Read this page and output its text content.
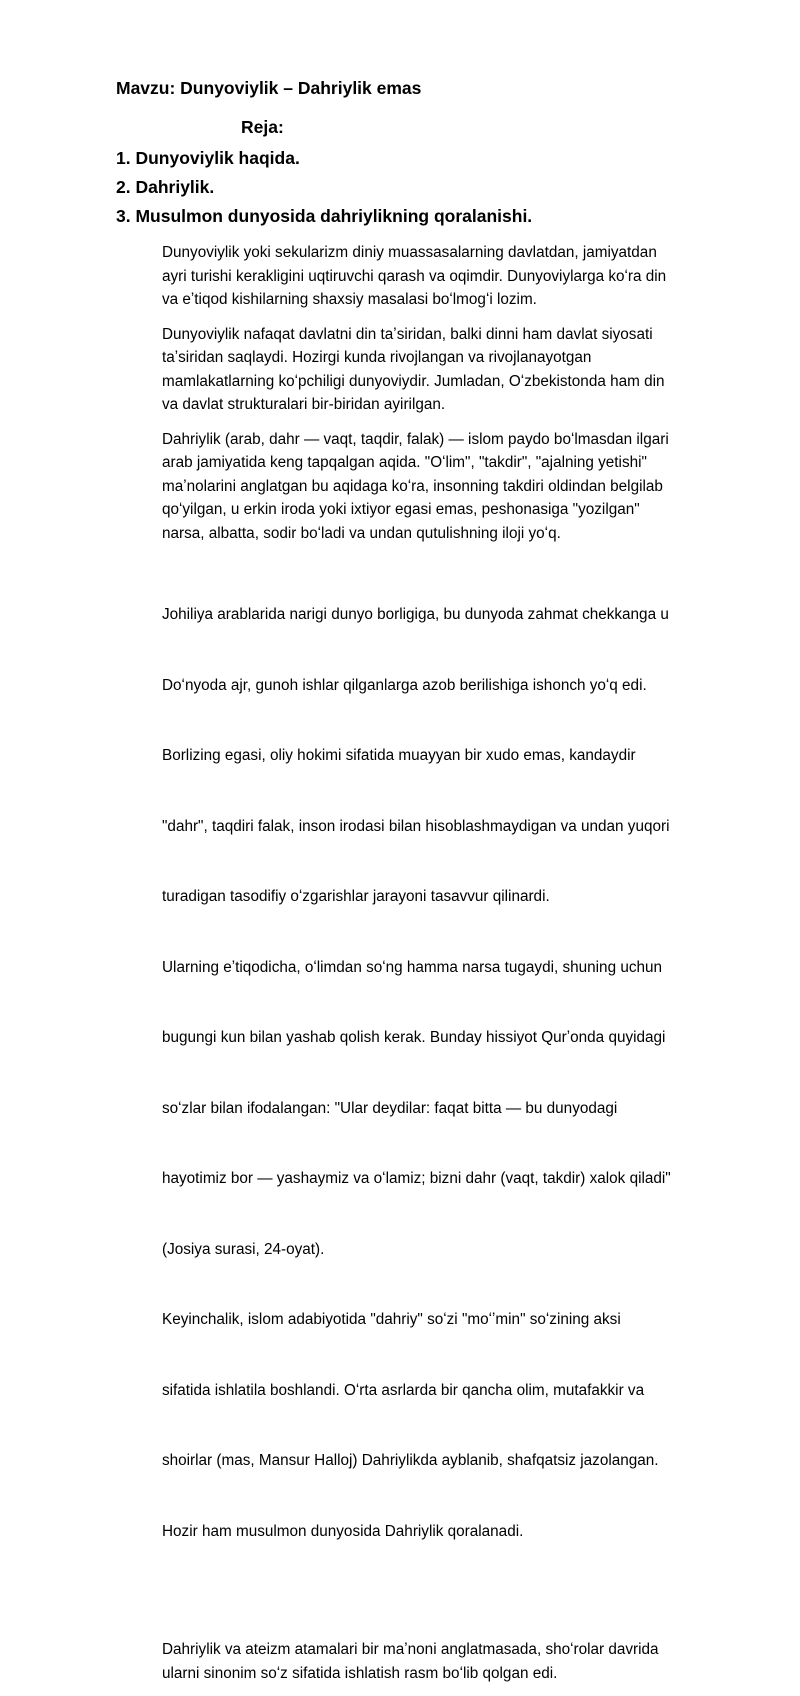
Mavzu: Dunyoviylik – Dahriylik emas
Reja:
1. Dunyoviylik haqida.
2. Dahriylik.
3. Musulmon dunyosida dahriylikning qoralanishi.

Dunyoviylik yoki sekularizm diniy muassasalarning davlatdan, jamiyatdan
ayri turishi kerakligini uqtiruvchi qarash va oqimdir. Dunyoviylarga koʻra din
va eʼtiqod kishilarning shaxsiy masalasi boʻlmogʻi lozim.

Dunyoviylik nafaqat davlatni din taʼsiridan, balki dinni ham davlat siyosati
taʼsiridan saqlaydi. Hozirgi kunda rivojlangan va rivojlanayotgan
mamlakatlarning koʻpchiligi dunyoviydir. Jumladan, Oʻzbekistonda ham din
va davlat strukturalari bir-biridan ayirilgan.

Dahriylik (arab, dahr — vaqt, taqdir, falak) — islom paydo boʻlmasdan ilgari
arab jamiyatida keng tapqalgan aqida. "Oʻlim", "takdir", "ajalning yetishi"
maʼnolarini anglatgan bu aqidaga koʻra, insonning takdiri oldindan belgilab
qoʻyilgan, u erkin iroda yoki ixtiyor egasi emas, peshonasiga "yozilgan"
narsa, albatta, sodir boʻladi va undan qutulishning iloji yoʻq.

Johiliya arablarida narigi dunyo borligiga, bu dunyoda zahmat chekkanga u

Doʻnyoda ajr, gunoh ishlar qilganlarga azob berilishiga ishonch yoʻq edi.

Borlizing egasi, oliy hokimi sifatida muayyan bir xudo emas, kandaydir

"dahr", taqdiri falak, inson irodasi bilan hisoblashmaydigan va undan yuqori

turadigan tasodifiy oʻzgarishlar jarayoni tasavvur qilinardi.

Ularning eʼtiqodicha, oʻlimdan soʻng hamma narsa tugaydi, shuning uchun

bugungi kun bilan yashab qolish kerak. Bunday hissiyot Qurʼonda quyidagi

soʻzlar bilan ifodalangan: "Ular deydilar: faqat bitta — bu dunyodagi

hayotimiz bor — yashaymiz va oʻlamiz; bizni dahr (vaqt, takdir) xalok qiladi"

(Josiya surasi, 24-oyat).

Keyinchalik, islom adabiyotida "dahriy" soʻzi "moʻʼmin" soʻzining aksi

sifatida ishlatila boshlandi. Oʻrta asrlarda bir qancha olim, mutafakkir va

shoirlar (mas, Mansur Halloj) Dahriylikda ayblanib, shafqatsiz jazolangan.

Hozir ham musulmon dunyosida Dahriylik qoralanadi.

Dahriylik va ateizm atamalari bir maʼnoni anglatmasada, shoʻrolar davrida
ularni sinonim soʻz sifatida ishlatish rasm boʻlib qolgan edi.
